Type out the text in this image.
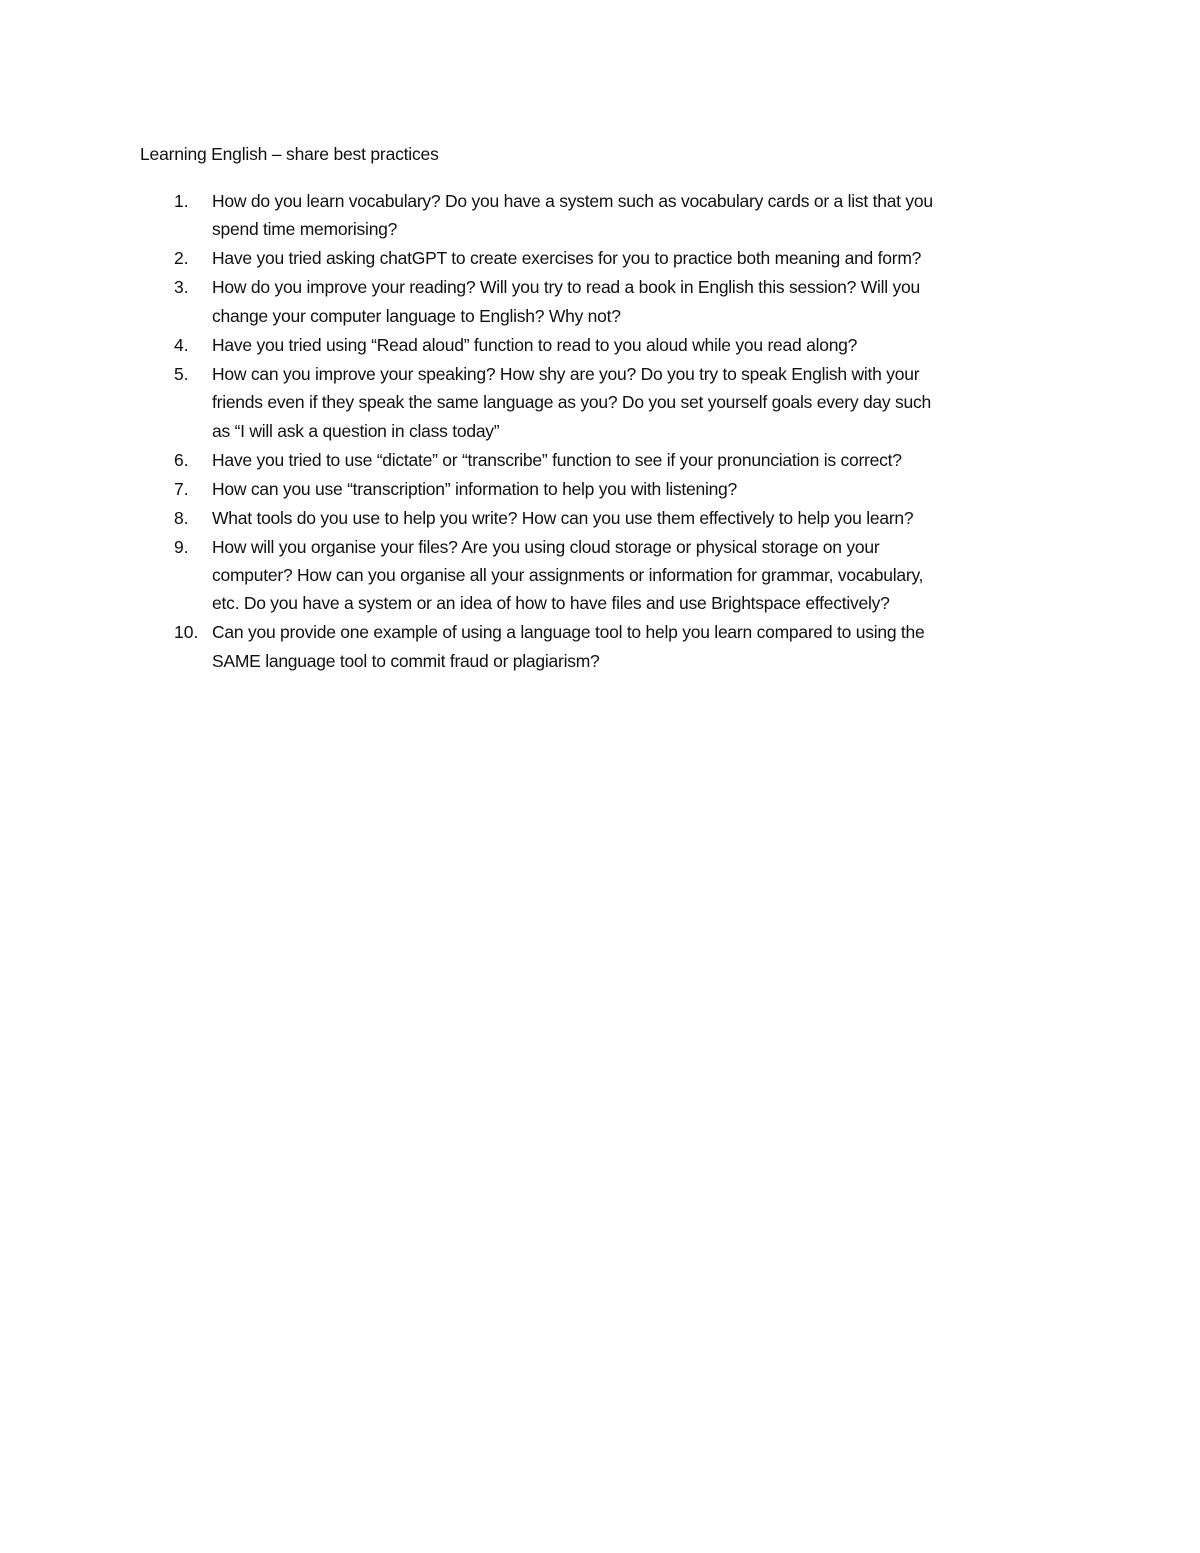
Learning English – share best practices
1. How do you learn vocabulary? Do you have a system such as vocabulary cards or a list that you
spend time memorising?
2. Have you tried asking chatGPT to create exercises for you to practice both meaning and form?
3. How do you improve your reading? Will you try to read a book in English this session? Will you
change your computer language to English? Why not?
4. Have you tried using “Read aloud” function to read to you aloud while you read along?
5. How can you improve your speaking? How shy are you? Do you try to speak English with your
friends even if they speak the same language as you? Do you set yourself goals every day such
as “I will ask a question in class today”
6. Have you tried to use “dictate” or “transcribe” function to see if your pronunciation is correct?
7. How can you use “transcription” information to help you with listening?
8. What tools do you use to help you write? How can you use them effectively to help you learn?
9. How will you organise your files? Are you using cloud storage or physical storage on your
computer? How can you organise all your assignments or information for grammar, vocabulary,
etc. Do you have a system or an idea of how to have files and use Brightspace effectively?
10. Can you provide one example of using a language tool to help you learn compared to using the
SAME language tool to commit fraud or plagiarism?
